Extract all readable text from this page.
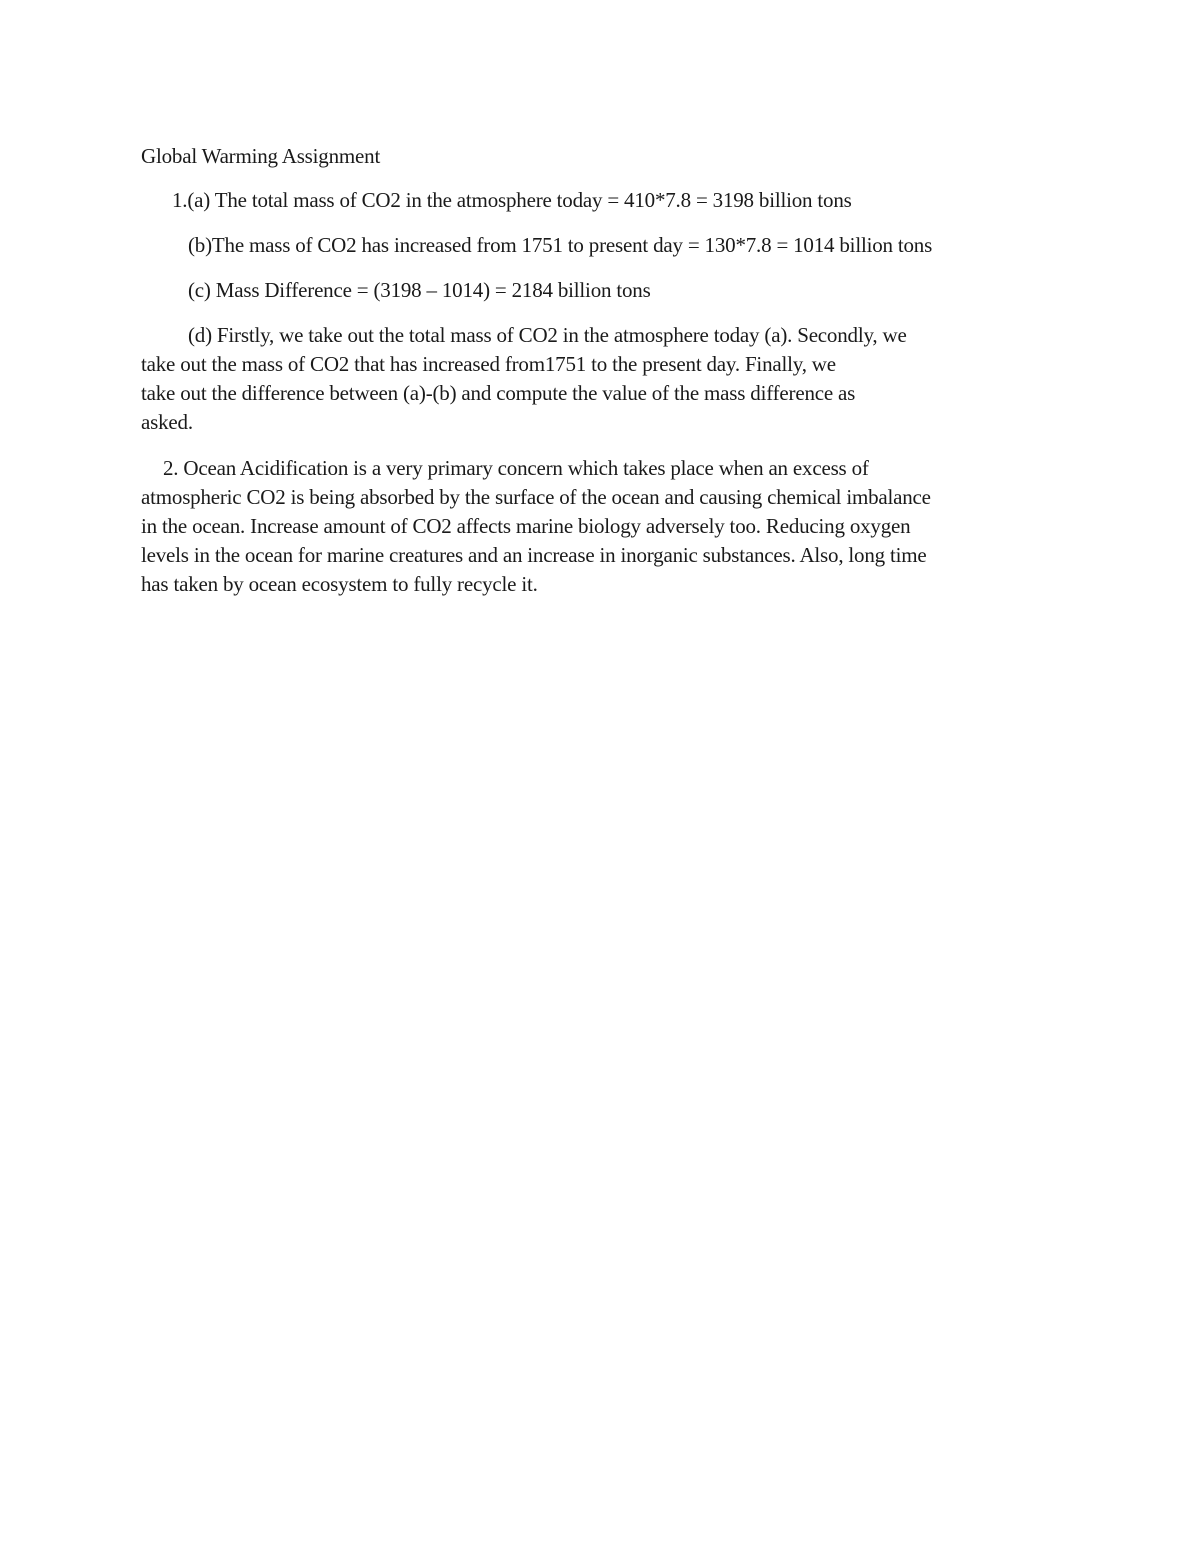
Global Warming Assignment
1.(a) The total mass of CO2 in the atmosphere today = 410*7.8 = 3198 billion tons
(b)The mass of CO2 has increased from 1751 to present day = 130*7.8 = 1014 billion tons
(c) Mass Difference = (3198 – 1014) = 2184 billion tons
(d) Firstly, we take out the total mass of CO2 in the atmosphere today (a). Secondly, we
take out the mass of CO2 that has increased from1751 to the present day. Finally, we
take out the difference between (a)-(b) and compute the value of the mass difference as
asked.
2. Ocean Acidification is a very primary concern which takes place when an excess of
atmospheric CO2 is being absorbed by the surface of the ocean and causing chemical imbalance
in the ocean. Increase amount of CO2 affects marine biology adversely too. Reducing oxygen
levels in the ocean for marine creatures and an increase in inorganic substances. Also, long time
has taken by ocean ecosystem to fully recycle it.
